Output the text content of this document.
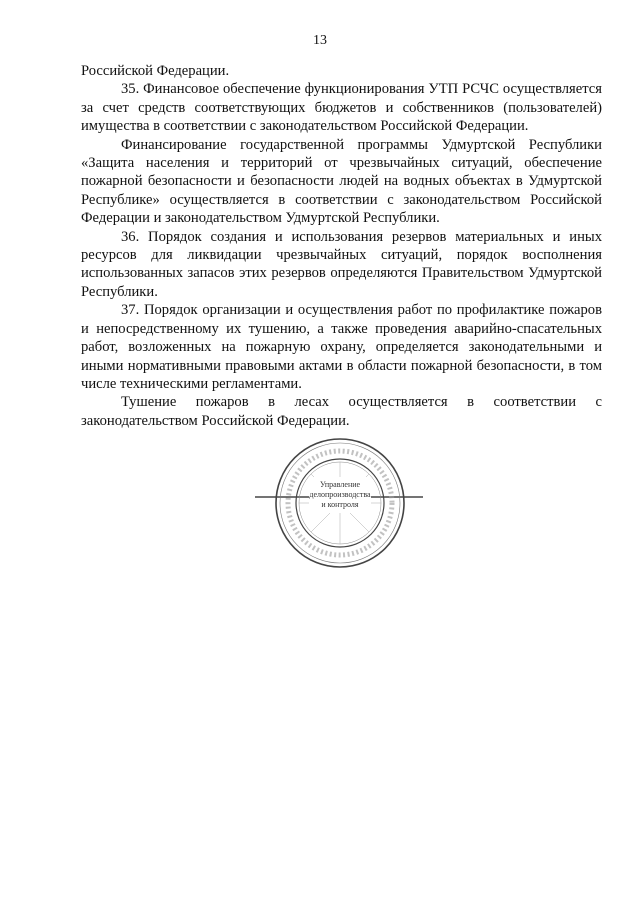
13

Российской Федерации.

35. Финансовое обеспечение функционирования УТП РСЧС осуществляется за счет средств соответствующих бюджетов и собственников (пользователей) имущества в соответствии с законодательством Российской Федерации.

Финансирование государственной программы Удмуртской Республики «Защита населения и территорий от чрезвычайных ситуаций, обеспечение пожарной безопасности и безопасности людей на водных объектах в Удмуртской Республике» осуществляется в соответствии с законодательством Российской Федерации и законодательством Удмуртской Республики.

36. Порядок создания и использования резервов материальных и иных ресурсов для ликвидации чрезвычайных ситуаций, порядок восполнения использованных запасов этих резервов определяются Правительством Удмуртской Республики.

37. Порядок организации и осуществления работ по профилактике пожаров и непосредственному их тушению, а также проведения аварийно-спасательных работ, возложенных на пожарную охрану, определяется законодательными и иными нормативными правовыми актами в области пожарной безопасности, в том числе техническими регламентами.

Тушение пожаров в лесах осуществляется в соответствии с законодательством Российской Федерации.

Управление
делопроизводства
и контроля
